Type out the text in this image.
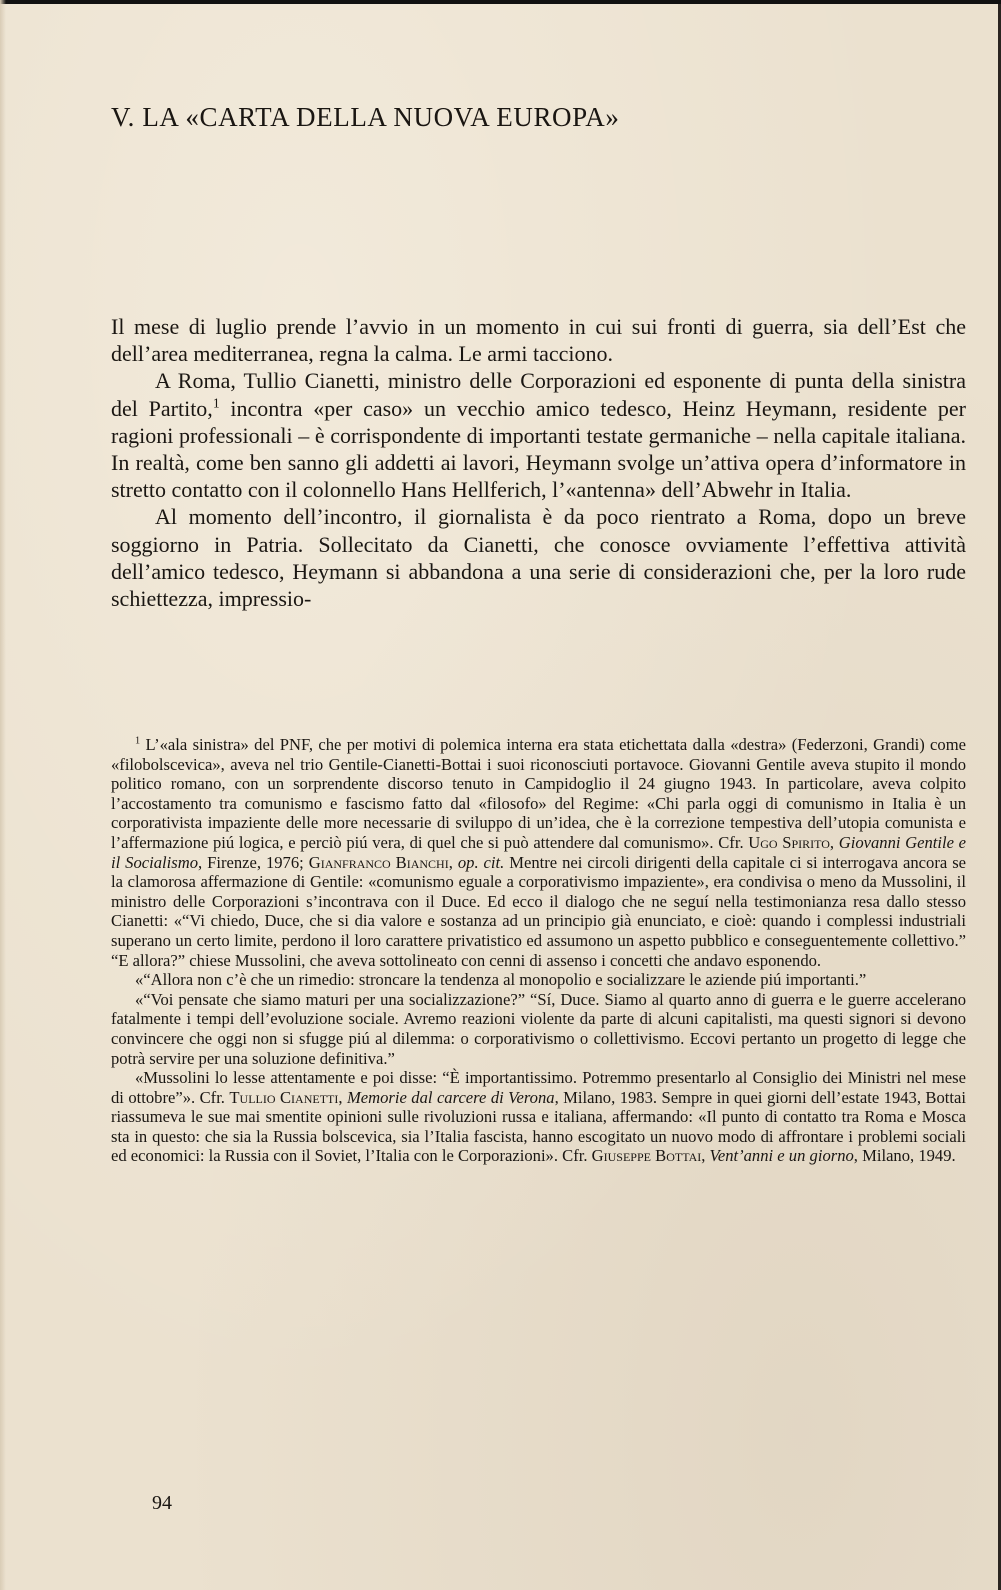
V. LA «CARTA DELLA NUOVA EUROPA»

Il mese di luglio prende l’avvio in un momento in cui sui fronti di guerra, sia dell’Est che dell’area mediterranea, regna la calma. Le armi tacciono.

A Roma, Tullio Cianetti, ministro delle Corporazioni ed esponente di punta della sinistra del Partito,$^1$ incontra «per caso» un vecchio amico tedesco, Heinz Heymann, residente per ragioni professionali – è corrispondente di importanti testate germaniche – nella capitale italiana. In realtà, come ben sanno gli addetti ai lavori, Heymann svolge un’attiva opera d’informatore in stretto contatto con il colonnello Hans Hellferich, l’«antenna» dell’Abwehr in Italia.

Al momento dell’incontro, il giornalista è da poco rientrato a Roma, dopo un breve soggiorno in Patria. Sollecitato da Cianetti, che conosce ovviamente l’effettiva attività dell’amico tedesco, Heymann si abbandona a una serie di considerazioni che, per la loro rude schiettezza, impressio-

$^1$ L’«ala sinistra» del PNF, che per motivi di polemica interna era stata etichettata dalla «destra» (Federzoni, Grandi) come «filobolscevica», aveva nel trio Gentile-Cianetti-Bottai i suoi riconosciuti portavoce. Giovanni Gentile aveva stupito il mondo politico romano, con un sorprendente discorso tenuto in Campidoglio il 24 giugno 1943. In particolare, aveva colpito l’accostamento tra comunismo e fascismo fatto dal «filosofo» del Regime: «Chi parla oggi di comunismo in Italia è un corporativista impaziente delle more necessarie di sviluppo di un’idea, che è la correzione tempestiva dell’utopia comunista e l’affermazione piú logica, e perciò piú vera, di quel che si può attendere dal comunismo». Cfr. Ugo Spirito, Giovanni Gentile e il Socialismo, Firenze, 1976; Gianfranco Bianchi, op. cit. Mentre nei circoli dirigenti della capitale ci si interrogava ancora se la clamorosa affermazione di Gentile: «comunismo eguale a corporativismo impaziente», era condivisa o meno da Mussolini, il ministro delle Corporazioni s’incontrava con il Duce. Ed ecco il dialogo che ne seguí nella testimonianza resa dallo stesso Cianetti: «“Vi chiedo, Duce, che si dia valore e sostanza ad un principio già enunciato, e cioè: quando i complessi industriali superano un certo limite, perdono il loro carattere privatistico ed assumono un aspetto pubblico e conseguentemente collettivo.” “E allora?” chiese Mussolini, che aveva sottolineato con cenni di assenso i concetti che andavo esponendo.

«“Allora non c’è che un rimedio: stroncare la tendenza al monopolio e socializzare le aziende piú importanti.”

«“Voi pensate che siamo maturi per una socializzazione?” “Sí, Duce. Siamo al quarto anno di guerra e le guerre accelerano fatalmente i tempi dell’evoluzione sociale. Avremo reazioni violente da parte di alcuni capitalisti, ma questi signori si devono convincere che oggi non si sfugge piú al dilemma: o corporativismo o collettivismo. Eccovi pertanto un progetto di legge che potrà servire per una soluzione definitiva.”

«Mussolini lo lesse attentamente e poi disse: “È importantissimo. Potremmo presentarlo al Consiglio dei Ministri nel mese di ottobre”». Cfr. Tullio Cianetti, Memorie dal carcere di Verona, Milano, 1983. Sempre in quei giorni dell’estate 1943, Bottai riassumeva le sue mai smentite opinioni sulle rivoluzioni russa e italiana, affermando: «Il punto di contatto tra Roma e Mosca sta in questo: che sia la Russia bolscevica, sia l’Italia fascista, hanno escogitato un nuovo modo di affrontare i problemi sociali ed economici: la Russia con il Soviet, l’Italia con le Corporazioni». Cfr. Giuseppe Bottai, Vent’anni e un giorno, Milano, 1949.

94
